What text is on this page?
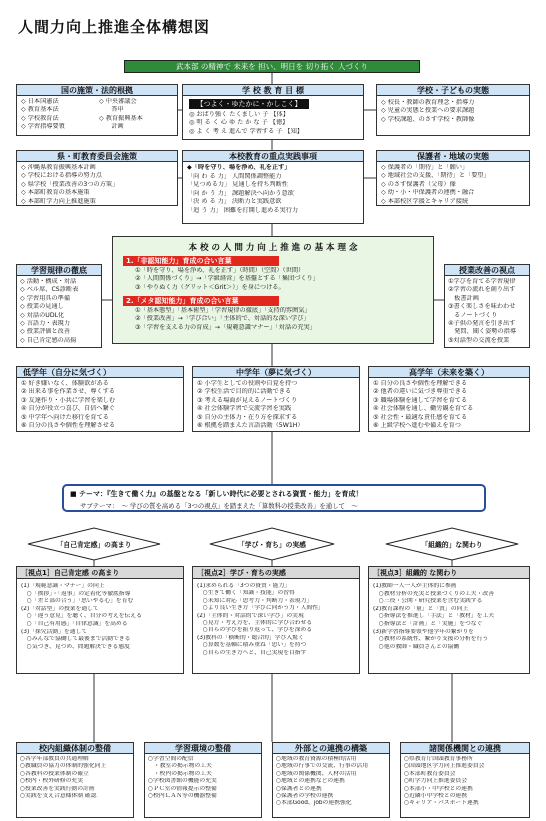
人間力向上推進全体構想図
武本部 の精神で 未来を 担い、明日を 切り拓く 人づくり
国の施策・法的根拠
◇ 日本国憲法
◇ 教育基本法
◇ 学校教育法
◇ 学習指導要領
◇ 中央審議会
　　答申
◇ 教育振興基本
　　計画
学 校 教 育 目 標
【つよく・ゆたかに・かしこく】
◎ おばり強く たくましい 子 【体】
◎ 明 る く 心 ゆ た か な 子 【徳】
◎ よ く 考 え 進んで 学習する 子 【知】
学校・子どもの実態
◇ 校長・教師の教育理念・指導力
◇ 児童の実態と授業への要求課題
◇ 学校課題、のさす学校・教師像
県・町教育委員会施策
◇ 沖縄県教育振興基本計画
◇ 学校における指導の努力点
◇ 県学校「授業改善の3つの方策」
◇ 本部町教育の基本施策
◇ 本部町学力向上推進施策
本校教育の重点実践事項
◆「時を守り、場を浄め、礼を正す」
「向 わ る 力」 人間関係調整能力
「見つめる力」 見通しを持ち判断性
「向 か う 力」 課題解決へ向かう意欲
「決 め る 力」 決断力と実践意欲
「追 う 力」 困難を打開し進める実行力
保護者・地域の実態
◇ 保護者の「期待」と「願い」
◇ 地域社会の支援、「期待」と「要望」
◇ のさす保護者（父母）像
◇ 幼・小・中保護者の連携・融合
◇ 本部校区学援とキャリア接続
学習規律の徹底
◇ 活動・構成・対話
◇ ベル席、CS診断表
◇ 学習用具の準備
◇ 授業の見通し
◇ 対話のUDL化
◇ 言語力・表現力
◇ 授業評価と改善
◇ 自己肯定感の高揚
授業改善の視点
①学びを育てる学習規律
②学習の流れを創り出す
　板書計画
③書く楽しさを味わわせ
　るノートづくり
④子供の発言を引き出す
　発問、聞く姿勢の指導
⑤対話型の交流を授業
本 校 の 人 間 力 向 上 推 進 の 基 本 理 念
1.「非認知能力」育成の合い言葉
①「時を守り、場を浄め、礼を正す」（時間）（空間）（世間）
②「人間関係づくり」→「学級経営」を基盤とする「集団づくり」
③「やりぬく力（グリット＜Grit＞）」を身につける。
2.「メタ認知能力」育成の合い言葉
①「基本態型」「基本術型」「学習規律の徹底」「支持的雰囲気」
②「授業改善」→「学び合い」「主体的で、対話的な深い学び」
③「学習を支える力の育成」→「規範意識マナー」「対話の充実」
低学年（自分に気づく）
① 好き嫌いなく、体験欲がある
② 出来る事を作業させ、尊くする
③ 友達作り・小共に学習を楽しむ
④ 自分が役立つ喜び、自信へ繋ぐ
⑤ 中学年へ向けた移行を育てる
⑥ 自分の良さや個性を理解させる
中学年（夢に気づく）
① 小学生としての役割や自覚を持つ
② 学校生活で目的的に活動できる
③ 考える場面が見えるノートづくり
④ 社会体験学習で交流学習を実践
⑤ 自分の主体力・在り方を探求する
⑥ 根拠を踏まえた言語活動（5W1H）
高学年（未来を築く）
① 自分の良さや個性を理解できる
② 他者の違いに気づき尊重できる
③ 職場体験を通して学習を育てる
④ 社会体験を通し、働労観を育てる
⑤ 社会性・最適な責任感を育てる
⑥ 上級学校へ進むや備えを育つ
■ テーマ：『生きて働く力』の基盤となる「新しい時代に必要とされる資質・能力」を育成！
サブテーマ：　～ 学びの質を高める「3つの視点」を踏まえた「算数科の授業改善」を通して　～
「自己肯定感」の高まり	「学び・育ち」の実感	「組織的」な関わり
［視点1］自己肯定感 の高まり
(1)「規範意識・マナー」の向上
　○「挨拶」・「返事」の定着化等徹底指導
　○「差と部の合う」「思いやる心」を育む
(2)「対話型」の授業を通して
　○「違う意見」を聴く、自分の考えを伝える
　○「自己有用感」「自律意識」を高める
(3)「探究活動」を通して
　○みんなで協働して最後まで活動できる
　○気づき、見つめ、問題解決できる態度
［視点2］学び・育ちの実感
(1)求められる「3つの資質・能力」
　○生きて働く「知識・技能」の習得
　○未知に対応「思考力・判断力・表現力」
　○より良い生き方「学びに向かう力・人間性」
(2)「主体的・対話的で深い学び」の実現
　○見方・考え方を、主体的に学び合わせる
　○自らの学びを振り返って、学びを深める
(3)教科の「横断的・総合的」学び入驚く
　○算数を基軸に積み重ね「思い」を持つ
　○自らの生き方へと、自己実現を目指す
［視点3］組織的 な関わり
(1)教師一人一人が主体的に参画
　○教材分析の充実と授業づくりの工夫・改善
　○三役・公開・研究授業を含む実践する
(2)教育課程の「量」と「質」の向上
　○指導法を推進し「手法」と「教材」を工夫
　○指導法と「計画」と「実施」をつなぐ
(3)新学習指導要領や他学年の繋がりを
　○教材の系統性、繋がり支援の分析を行う
　○他の教師・職員さんとの協働
校内組織体制の整備
○各学年部教員の共通理解
○教職員の協力の体制的強化向上
○各教科の授業体制の確立
○校内・校外研修の充実
○授業改善を実践行動の計画
○実践を支え合意様体制 確認
学習環境の整備
○学習空間の配信
　・教室の掲示物の工夫
　・校内の掲示物の工夫
○学校図書館の機能の充実
○ＰＣ室の情報提示の整備
○校内ＬＡＮ等の機器整備
外部との連携の構築
○地域の教育資源の積極的活用
○地域の行事での交流、行事の活用
○地域の関係機関、人材の活用
○地域との連携などの連携
○保護者との連携
○保護者の学校の連携
○本部Good、jobの連携強化
諸関係機関との連携
○県教育庁国頭教育事務所
○国頭地区学力向上推進委員会
○本部町教育委員会
○町学力向上推進委員会
○本部小・中学校との連携
○近隣小中学校との連携
○キャリア・パスポート連携
